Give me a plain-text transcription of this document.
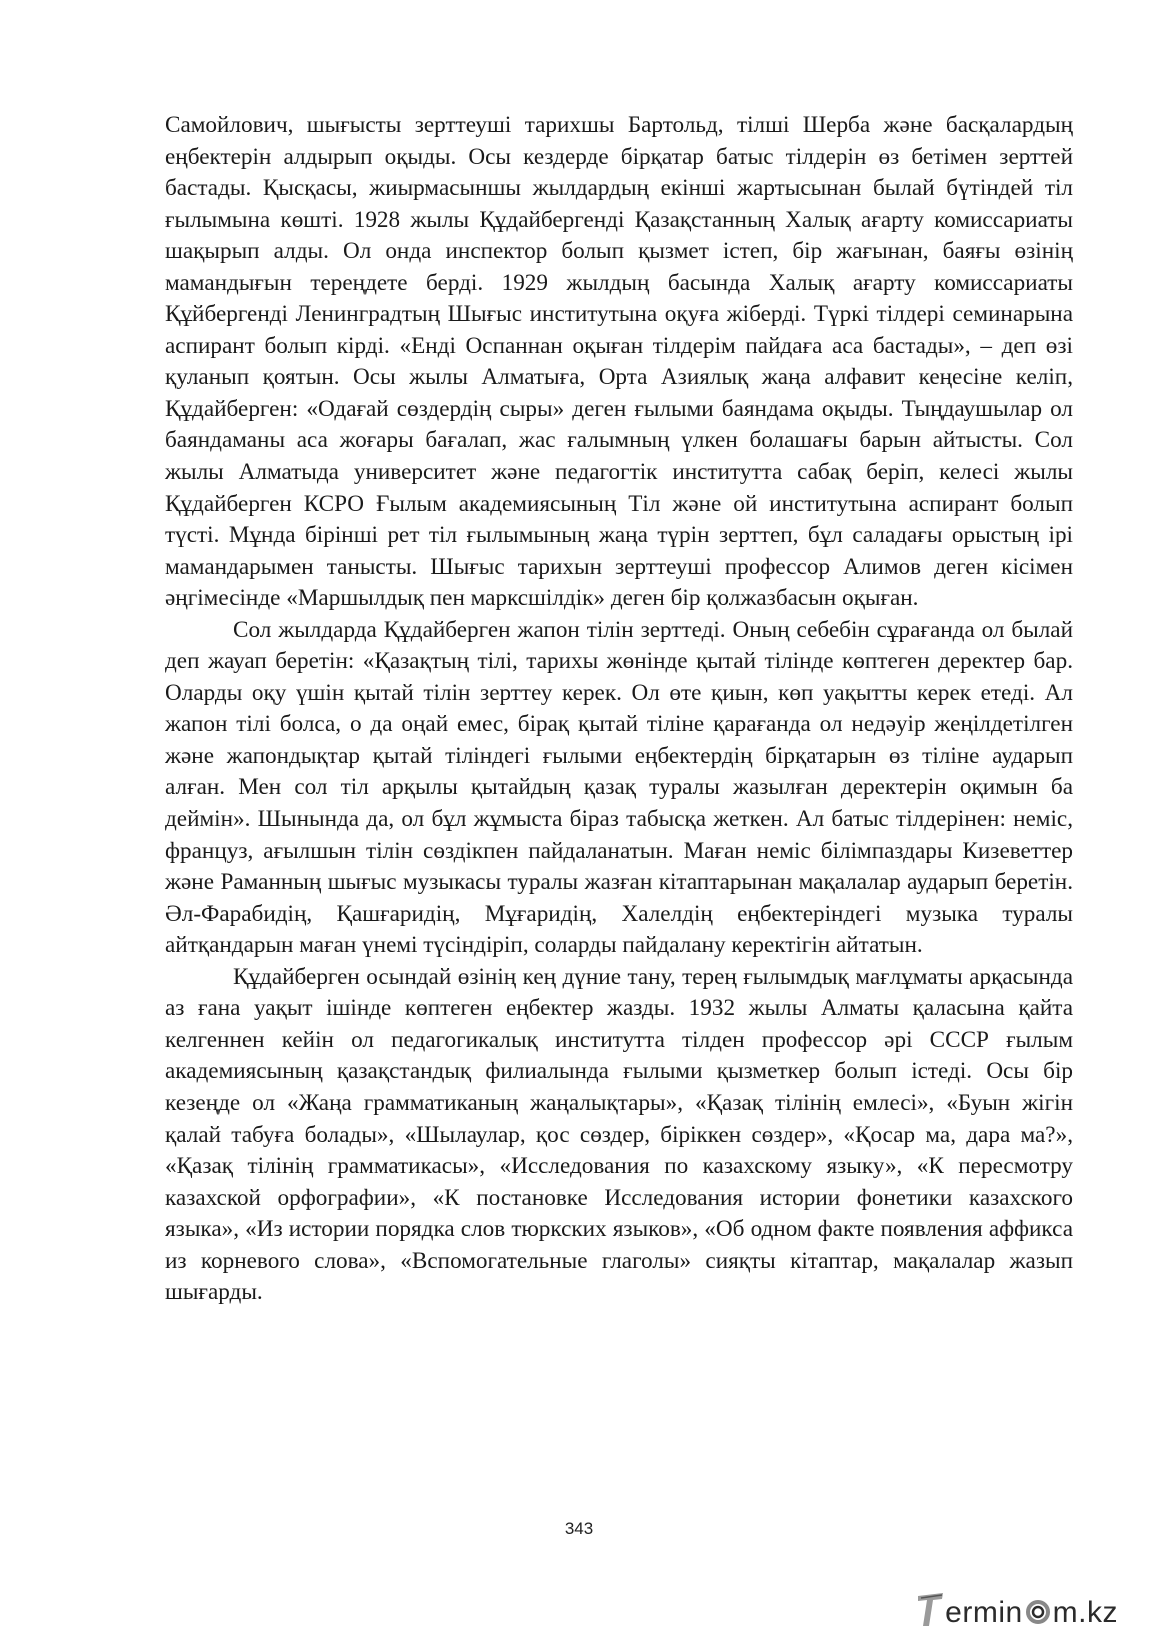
Самойлович, шығысты зерттеуші тарихшы Бартольд, тілші Шерба және басқалардың еңбектерін алдырып оқыды. Осы кездерде бірқатар батыс тілдерін өз бетімен зерттей бастады. Қысқасы, жиырмасыншы жылдардың екінші жартысынан былай бүтіндей тіл ғылымына көшті. 1928 жылы Құдайбергенді Қазақстанның Халық ағарту комиссариаты шақырып алды. Ол онда инспектор болып қызмет істеп, бір жағынан, баяғы өзінің мамандығын тереңдете берді. 1929 жылдың басында Халық ағарту комиссариаты Құйбергенді Ленинградтың Шығыс институтына оқуға жіберді. Түркі тілдері семинарына аспирант болып кірді. «Енді Оспаннан оқыған тілдерім пайдаға аса бастады», – деп өзі қуланып қоятын. Осы жылы Алматыға, Орта Азиялық жаңа алфавит кеңесіне келіп, Құдайберген: «Одағай сөздердің сыры» деген ғылыми баяндама оқыды. Тыңдаушылар ол баяндаманы аса жоғары бағалап, жас ғалымның үлкен болашағы барын айтысты. Сол жылы Алматыда университет және педагогтік институтта сабақ беріп, келесі жылы Құдайберген КСРО Ғылым академиясының Тіл және ой институтына аспирант болып түсті. Мұнда бірінші рет тіл ғылымының жаңа түрін зерттеп, бұл саладағы орыстың ірі мамандарымен танысты. Шығыс тарихын зерттеуші профессор Алимов деген кісімен әңгімесінде «Маршылдық пен марксшілдік» деген бір қолжазбасын оқыған.

Сол жылдарда Құдайберген жапон тілін зерттеді. Оның себебін сұрағанда ол былай деп жауап беретін: «Қазақтың тілі, тарихы жөнінде қытай тілінде көптеген деректер бар. Оларды оқу үшін қытай тілін зерттеу керек. Ол өте қиын, көп уақытты керек етеді. Ал жапон тілі болса, о да оңай емес, бірақ қытай тіліне қарағанда ол недәуір жеңілдетілген және жапондықтар қытай тіліндегі ғылыми еңбектердің бірқатарын өз тіліне аударып алған. Мен сол тіл арқылы қытайдың қазақ туралы жазылған деректерін оқимын ба деймін». Шынында да, ол бұл жұмыста біраз табысқа жеткен. Ал батыс тілдерінен: неміс, француз, ағылшын тілін сөздікпен пайдаланатын. Маған неміс білімпаздары Кизеветтер және Раманның шығыс музыкасы туралы жазған кітаптарынан мақалалар аударып беретін. Әл-Фарабидің, Қашғаридің, Мұғаридің, Халелдің еңбектеріндегі музыка туралы айтқандарын маған үнемі түсіндіріп, соларды пайдалану керектігін айтатын.

Құдайберген осындай өзінің кең дүние тану, терең ғылымдық мағлұматы арқасында аз ғана уақыт ішінде көптеген еңбектер жазды. 1932 жылы Алматы қаласына қайта келгеннен кейін ол педагогикалық институтта тілден профессор әрі СССР ғылым академиясының қазақстандық филиалында ғылыми қызметкер болып істеді. Осы бір кезеңде ол «Жаңа грамматиканың жаңалықтары», «Қазақ тілінің емлесі», «Буын жігін қалай табуға болады», «Шылаулар, қос сөздер, біріккен сөздер», «Қосар ма, дара ма?», «Қазақ тілінің грамматикасы», «Исследования по казахскому языку», «К пересмотру казахской орфографии», «К постановке Исследования истории фонетики казахского языка», «Из истории порядка слов тюркских языков», «Об одном факте появления аффикса из корневого слова», «Вспомогательные глаголы» сияқты кітаптар, мақалалар жазып шығарды.

343
ermin m.kz
